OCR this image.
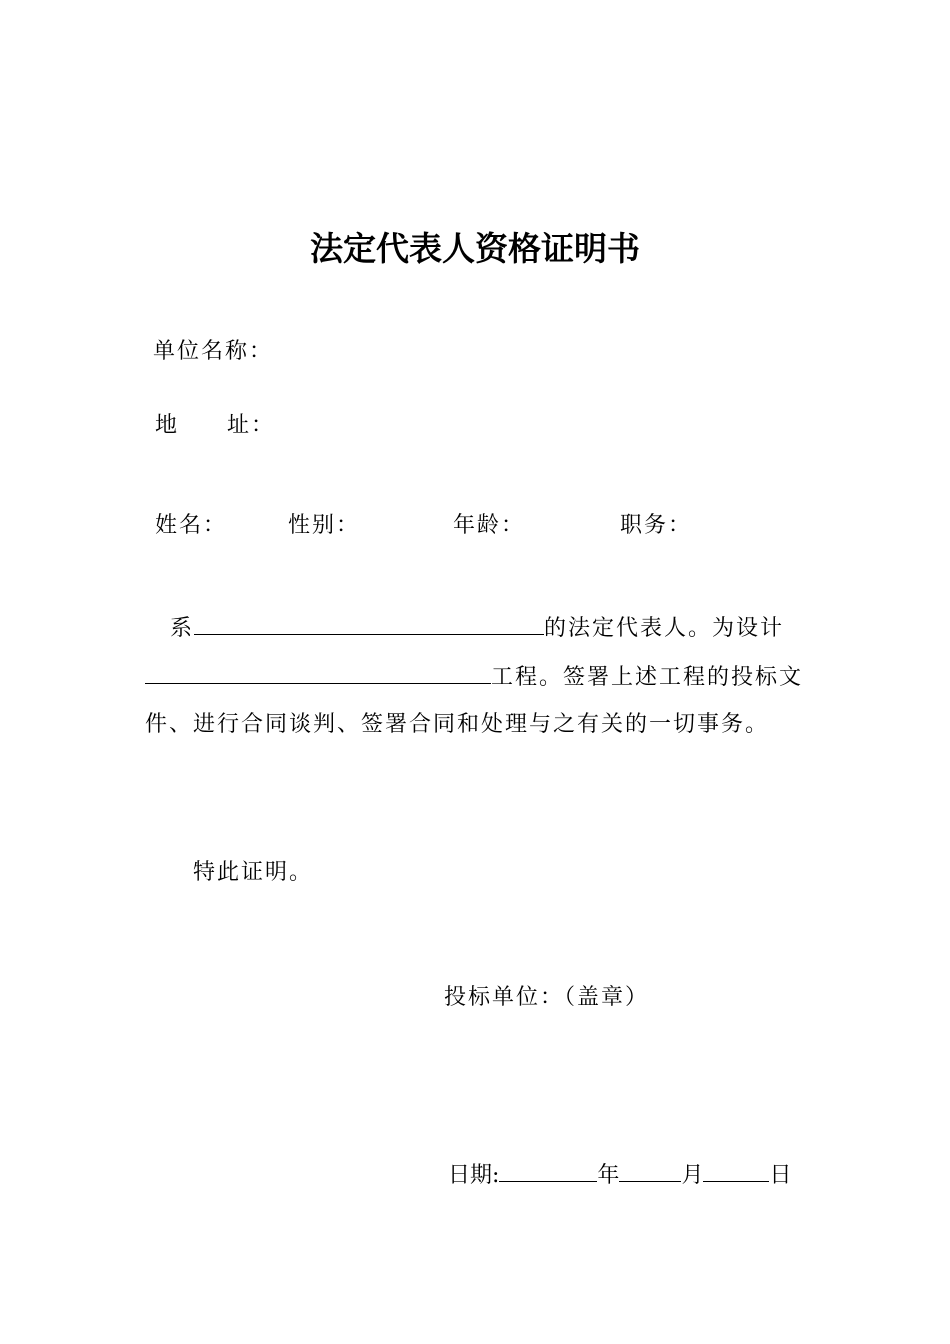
法定代表人资格证明书
单位名称：
地　　址：
姓名：	性别：	年龄：	职务：
系	的法定代表人。为设计
工程。签署上述工程的投标文
件、进行合同谈判、签署合同和处理与之有关的一切事务。
特此证明。
投标单位：（盖章）
日期:	年	月	日
